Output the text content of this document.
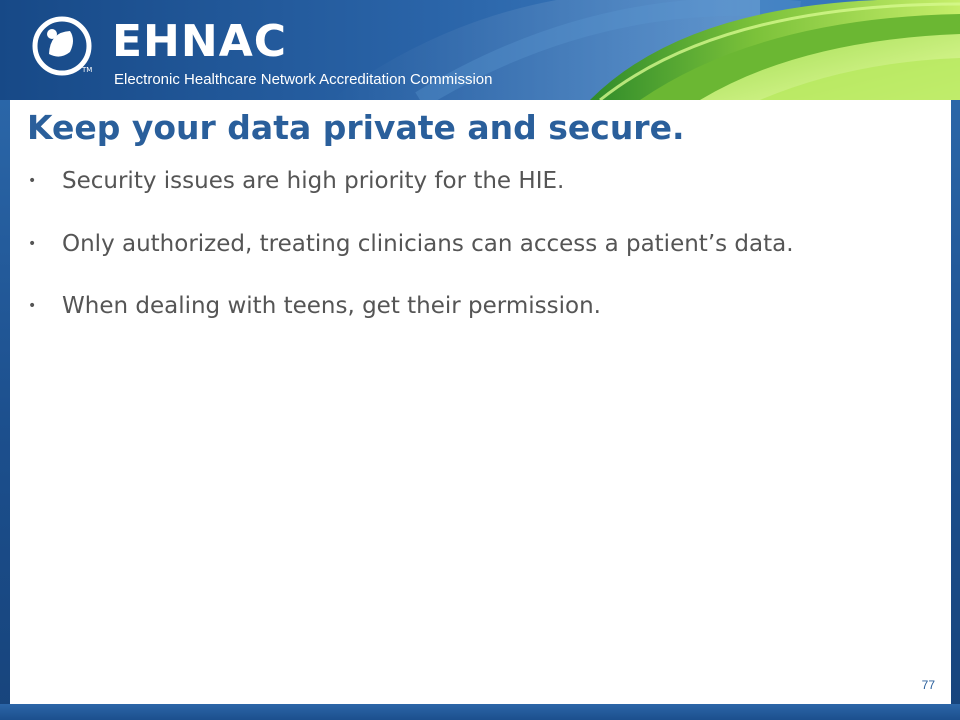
TM
EHNAC
Electronic Healthcare Network Accreditation Commission
Keep your data private and secure.
• Security issues are high priority for the HIE.
• Only authorized, treating clinicians can access a patient’s data.
• When dealing with teens, get their permission.
77
